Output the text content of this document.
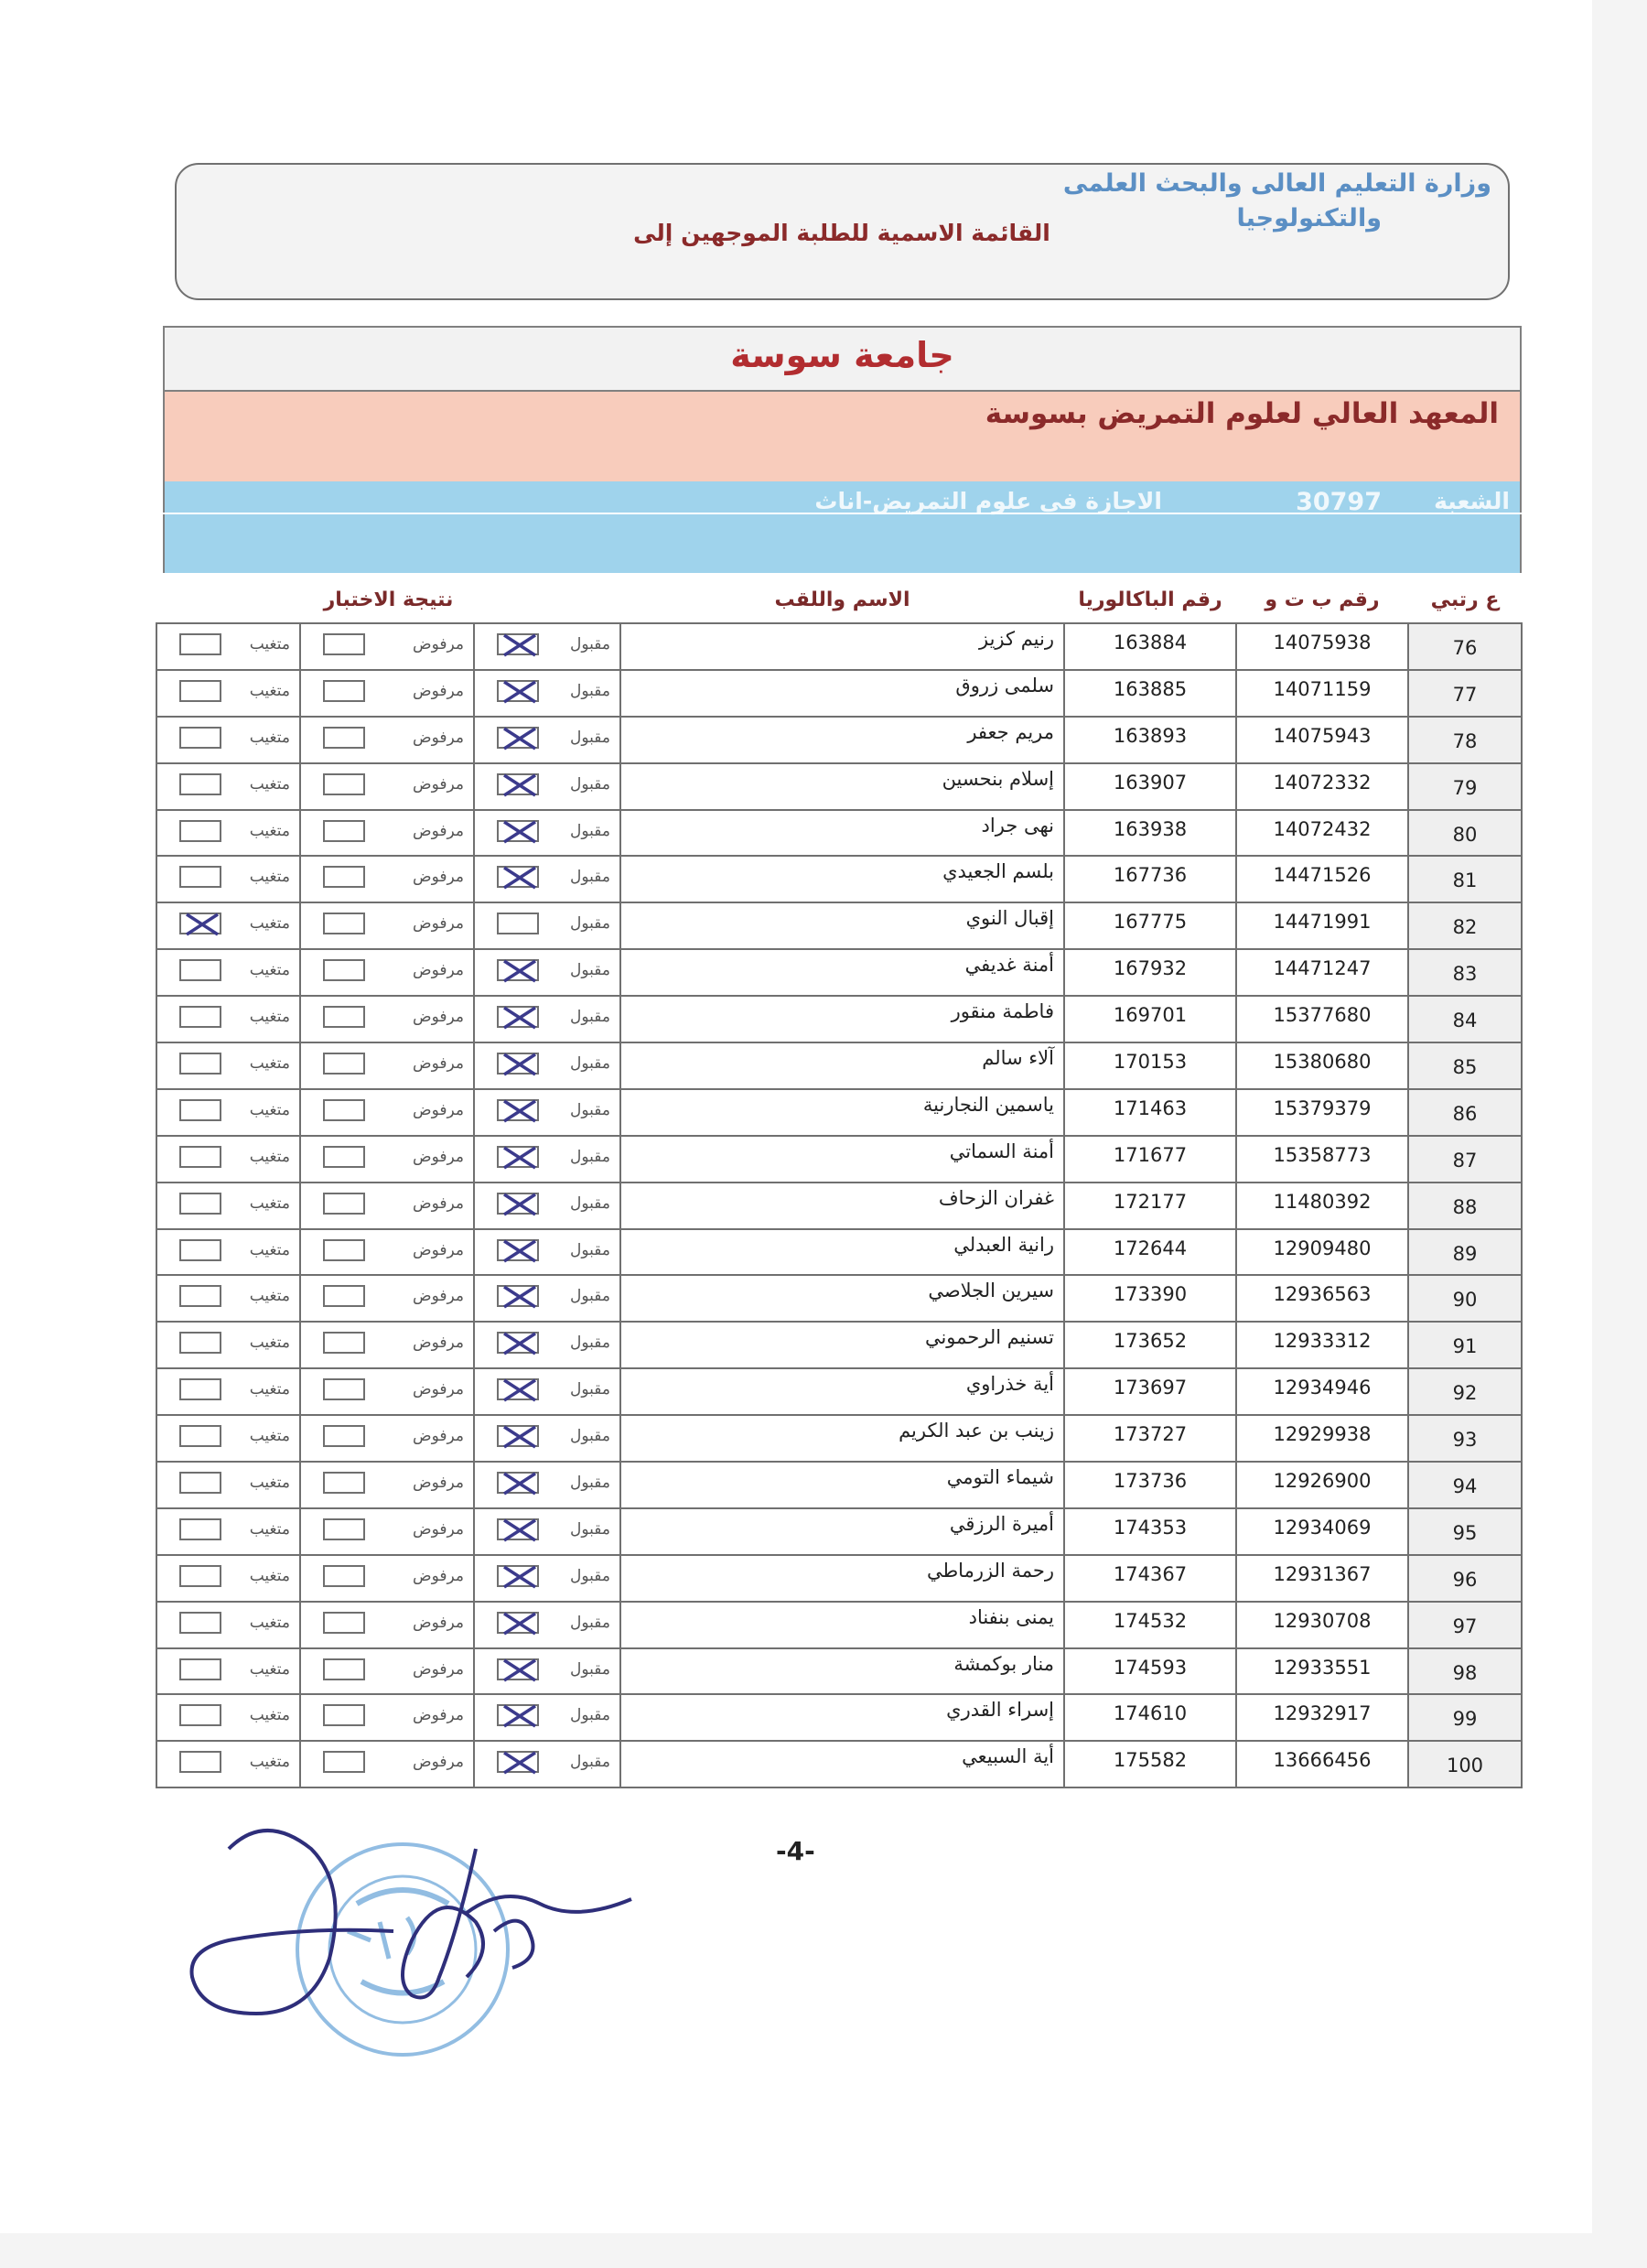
وزارة التعليم العالى والبحث العلمى
والتكنولوجيا
القائمة الاسمية للطلبة الموجهين إلى
جامعة سوسة
المعهد العالي لعلوم التمريض بسوسة
الشعبة
30797
الاجازة في علوم التمريض-اناث
نتيجة الاختبار			الاسم واللقب	رقم الباكالوريا	رقم ب ت و	ع رتبي

متغيب	مرفوض	مقبول	رنيم كزيز	163884	14075938	76

متغيب	مرفوض	مقبول	سلمى زروق	163885	14071159	77

متغيب	مرفوض	مقبول	مريم جعفر	163893	14075943	78

متغيب	مرفوض	مقبول	إسلام بنحسين	163907	14072332	79

متغيب	مرفوض	مقبول	نهى جراد	163938	14072432	80

متغيب	مرفوض	مقبول	بلسم الجعيدي	167736	14471526	81

متغيب	مرفوض	مقبول	إقبال النوي	167775	14471991	82

متغيب	مرفوض	مقبول	أمنة غديفي	167932	14471247	83

متغيب	مرفوض	مقبول	فاطمة منقور	169701	15377680	84

متغيب	مرفوض	مقبول	آلاء سالم	170153	15380680	85

متغيب	مرفوض	مقبول	ياسمين النجارنية	171463	15379379	86

متغيب	مرفوض	مقبول	أمنة السماتي	171677	15358773	87

متغيب	مرفوض	مقبول	غفران الزحاف	172177	11480392	88

متغيب	مرفوض	مقبول	رانية العبدلي	172644	12909480	89

متغيب	مرفوض	مقبول	سيرين الجلاصي	173390	12936563	90

متغيب	مرفوض	مقبول	تسنيم الرحموني	173652	12933312	91

متغيب	مرفوض	مقبول	أية خذراوي	173697	12934946	92

متغيب	مرفوض	مقبول	زينب بن عبد الكريم	173727	12929938	93

متغيب	مرفوض	مقبول	شيماء التومي	173736	12926900	94

متغيب	مرفوض	مقبول	أميرة الرزقي	174353	12934069	95

متغيب	مرفوض	مقبول	رحمة الزرماطي	174367	12931367	96

متغيب	مرفوض	مقبول	يمنى بنفناد	174532	12930708	97

متغيب	مرفوض	مقبول	منار بوكمشة	174593	12933551	98

متغيب	مرفوض	مقبول	إسراء القدري	174610	12932917	99

متغيب	مرفوض	مقبول	أية السبيعي	175582	13666456	100
-4-
